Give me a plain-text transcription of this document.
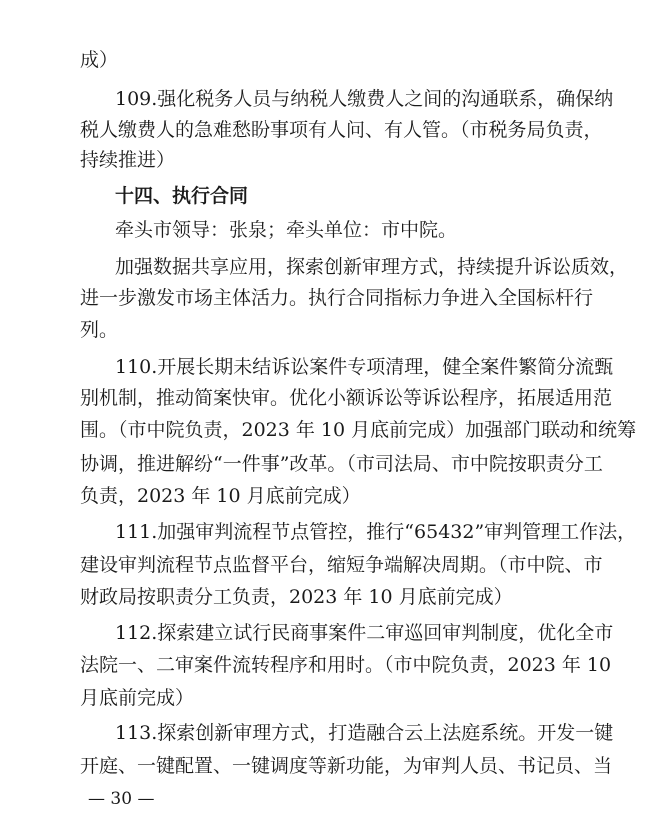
成）
109.强化税务人员与纳税人缴费人之间的沟通联系，确保纳
税人缴费人的急难愁盼事项有人问、有人管。（市税务局负责，
持续推进）
十四、执行合同
牵头市领导：张泉；牵头单位：市中院。
加强数据共享应用，探索创新审理方式，持续提升诉讼质效，
进一步激发市场主体活力。执行合同指标力争进入全国标杆行
列。
110.开展长期未结诉讼案件专项清理，健全案件繁简分流甄
别机制，推动简案快审。优化小额诉讼等诉讼程序，拓展适用范
围。（市中院负责，2023 年 10 月底前完成）加强部门联动和统筹
协调，推进解纷“一件事”改革。（市司法局、市中院按职责分工
负责，2023 年 10 月底前完成）
111.加强审判流程节点管控，推行“65432”审判管理工作法，
建设审判流程节点监督平台，缩短争端解决周期。（市中院、市
财政局按职责分工负责，2023 年 10 月底前完成）
112.探索建立试行民商事案件二审巡回审判制度，优化全市
法院一、二审案件流转程序和用时。（市中院负责，2023 年 10
月底前完成）
113.探索创新审理方式，打造融合云上法庭系统。开发一键
开庭、一键配置、一键调度等新功能，为审判人员、书记员、当
— 30 —
